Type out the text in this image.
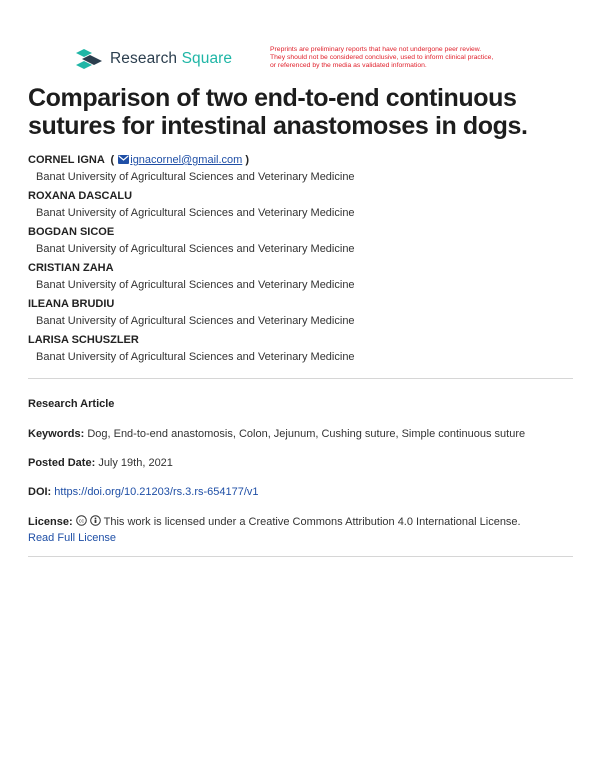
Research Square
Preprints are preliminary reports that have not undergone peer review.
They should not be considered conclusive, used to inform clinical practice,
or referenced by the media as validated information.
Comparison of two end-to-end continuous sutures for intestinal anastomoses in dogs.
CORNEL IGNA  ( ignacornel@gmail.com )
Banat University of Agricultural Sciences and Veterinary Medicine
ROXANA DASCALU
Banat University of Agricultural Sciences and Veterinary Medicine
BOGDAN SICOE
Banat University of Agricultural Sciences and Veterinary Medicine
CRISTIAN ZAHA
Banat University of Agricultural Sciences and Veterinary Medicine
ILEANA BRUDIU
Banat University of Agricultural Sciences and Veterinary Medicine
LARISA SCHUSZLER
Banat University of Agricultural Sciences and Veterinary Medicine
Research Article
Keywords: Dog, End-to-end anastomosis, Colon, Jejunum, Cushing suture, Simple continuous suture
Posted Date: July 19th, 2021
DOI: https://doi.org/10.21203/rs.3.rs-654177/v1
License: cc This work is licensed under a Creative Commons Attribution 4.0 International License.
Read Full License
